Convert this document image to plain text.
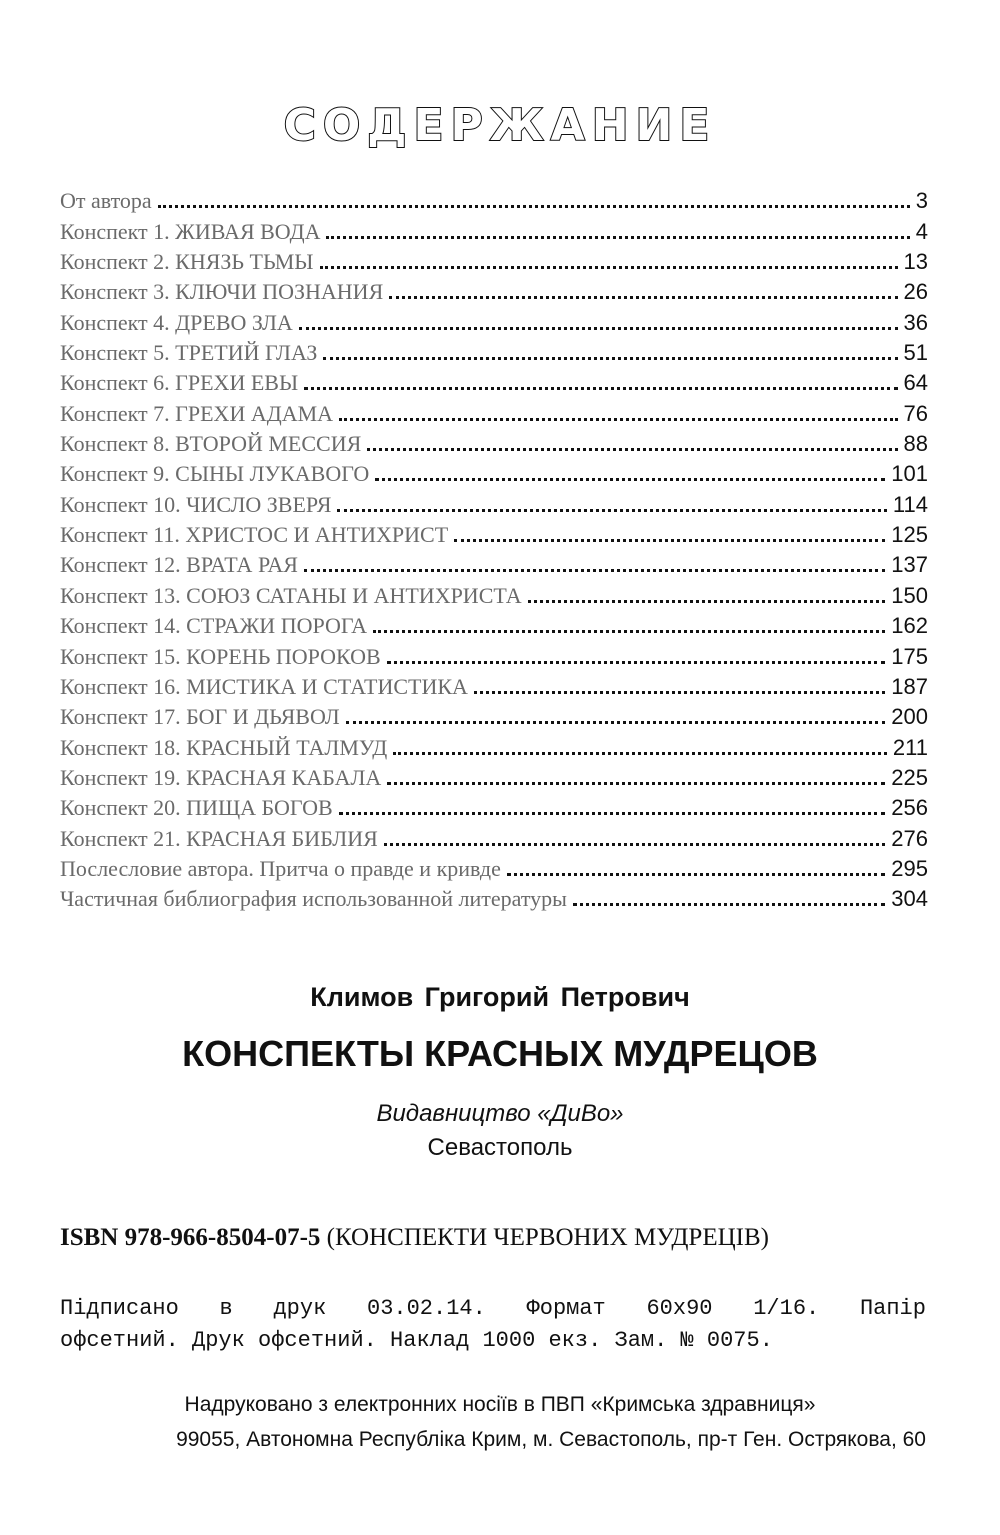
СОДЕРЖАНИЕ
От автора	3
Конспект 1. ЖИВАЯ ВОДА	4
Конспект 2. КНЯЗЬ ТЬМЫ	13
Конспект 3. КЛЮЧИ ПОЗНАНИЯ	26
Конспект 4. ДРЕВО ЗЛА	36
Конспект 5. ТРЕТИЙ ГЛАЗ	51
Конспект 6. ГРЕХИ ЕВЫ	64
Конспект 7. ГРЕХИ АДАМА	76
Конспект 8. ВТОРОЙ МЕССИЯ	88
Конспект 9. СЫНЫ ЛУКАВОГО	101
Конспект 10. ЧИСЛО ЗВЕРЯ	114
Конспект 11. ХРИСТОС И АНТИХРИСТ	125
Конспект 12. ВРАТА РАЯ	137
Конспект 13. СОЮЗ САТАНЫ И АНТИХРИСТА	150
Конспект 14. СТРАЖИ ПОРОГА	162
Конспект 15. КОРЕНЬ ПОРОКОВ	175
Конспект 16. МИСТИКА И СТАТИСТИКА	187
Конспект 17. БОГ И ДЬЯВОЛ	200
Конспект 18. КРАСНЫЙ ТАЛМУД	211
Конспект 19. КРАСНАЯ КАБАЛА	225
Конспект 20. ПИЩА БОГОВ	256
Конспект 21. КРАСНАЯ БИБЛИЯ	276
Послесловие автора. Притча о правде и кривде	295
Частичная библиография использованной литературы	304
Климов Григорий Петрович
КОНСПЕКТЫ КРАСНЫХ МУДРЕЦОВ
Видавництво «ДиВо»
Севастополь
ISBN 978-966-8504-07-5 (КОНСПЕКТИ ЧЕРВОНИХ МУДРЕЦІВ)
Підписано в друк 03.02.14. Формат 60x90 1/16. Папір
офсетний. Друк офсетний. Наклад 1000 екз. Зам. № 0075.
Надруковано з електронних носіїв в ПВП «Кримська здравниця»
99055, Автономна Республіка Крим, м. Севастополь, пр-т Ген. Острякова, 60
